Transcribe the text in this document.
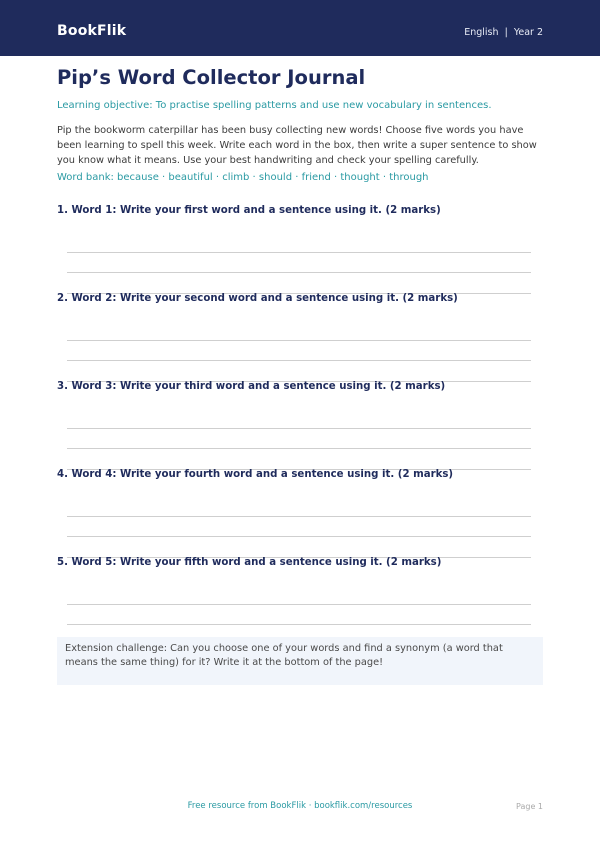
BookFlik	English | Year 2
Pip’s Word Collector Journal
Learning objective: To practise spelling patterns and use new vocabulary in sentences.
Pip the bookworm caterpillar has been busy collecting new words! Choose five words you have been learning to spell this week. Write each word in the box, then write a super sentence to show you know what it means. Use your best handwriting and check your spelling carefully.
Word bank: because · beautiful · climb · should · friend · thought · through
1. Word 1: Write your first word and a sentence using it. (2 marks)
2. Word 2: Write your second word and a sentence using it. (2 marks)
3. Word 3: Write your third word and a sentence using it. (2 marks)
4. Word 4: Write your fourth word and a sentence using it. (2 marks)
5. Word 5: Write your fifth word and a sentence using it. (2 marks)
Extension challenge: Can you choose one of your words and find a synonym (a word that means the same thing) for it? Write it at the bottom of the page!
Free resource from BookFlik · bookflik.com/resources	Page 1
